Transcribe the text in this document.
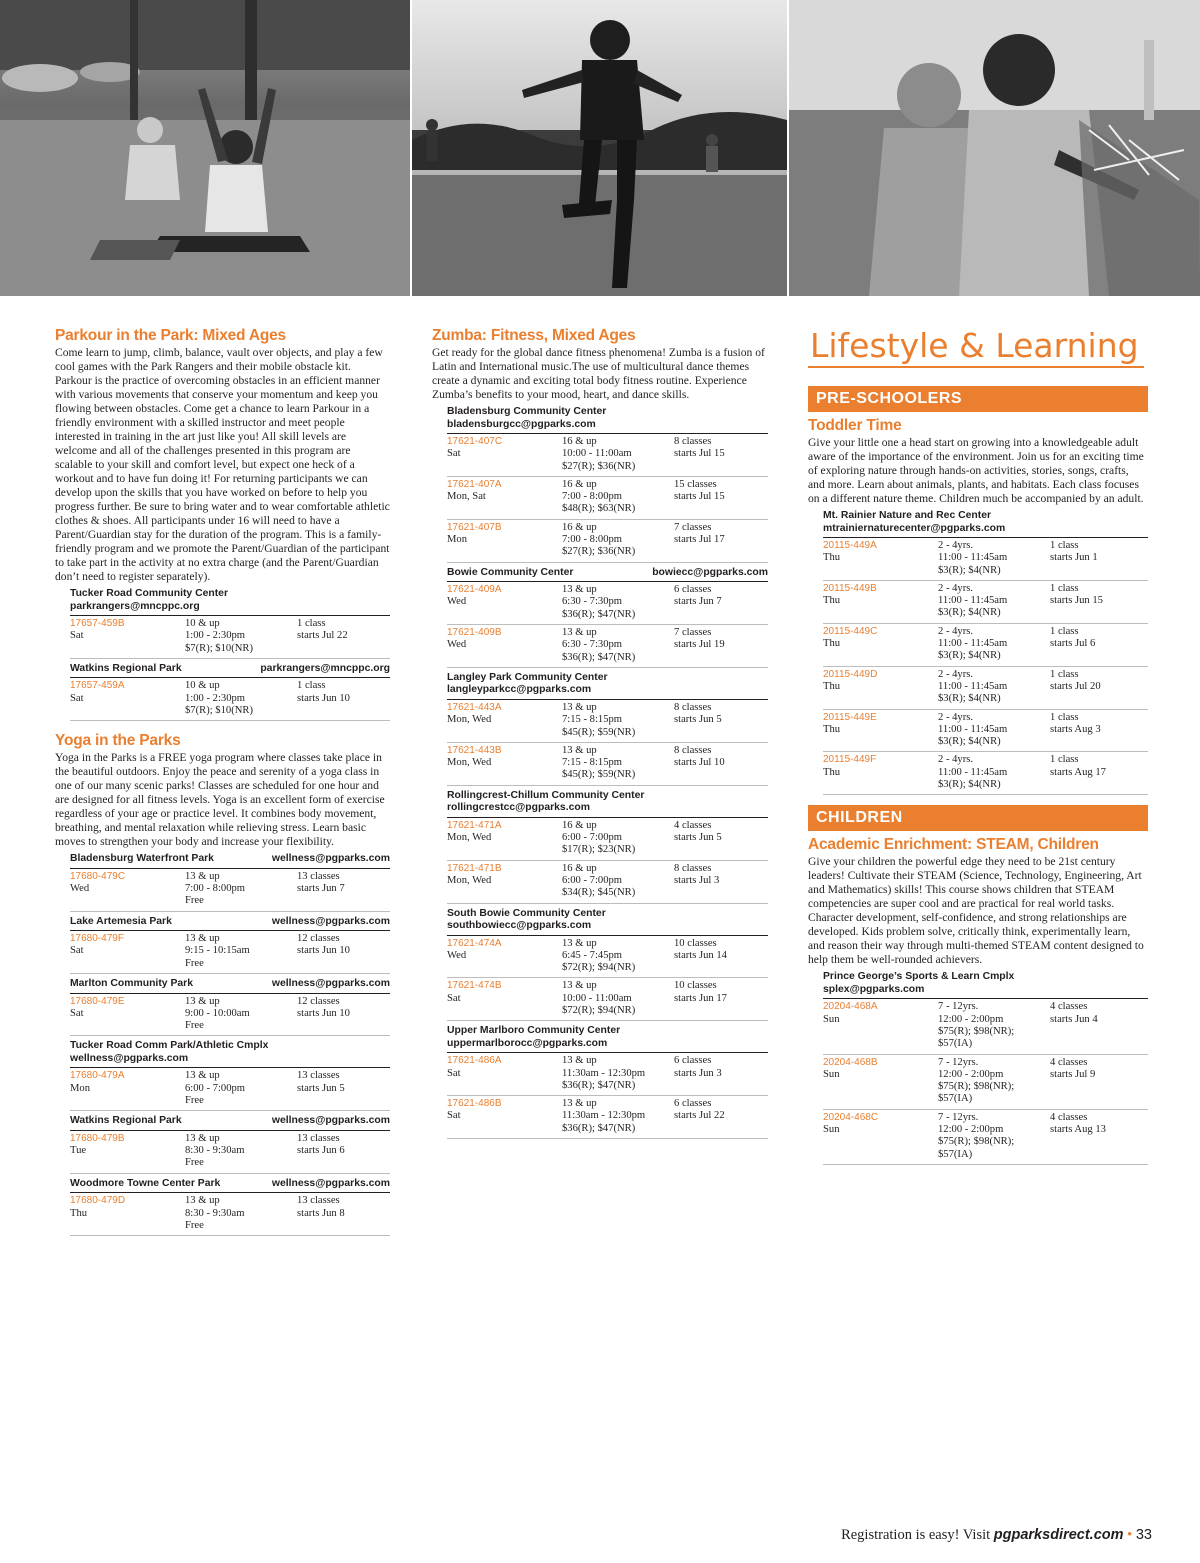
Parkour in the Park: Mixed Ages
Come learn to jump, climb, balance, vault over objects, and play a few cool games with the Park Rangers and their mobile obstacle kit. Parkour is the practice of overcoming obstacles in an efficient manner with various movements that conserve your momentum and keep you flowing between obstacles. Come get a chance to learn Parkour in a friendly environment with a skilled instructor and meet people interested in training in the art just like you! All skill levels are welcome and all of the challenges presented in this program are scalable to your skill and comfort level, but expect one heck of a workout and to have fun doing it! For returning participants we can develop upon the skills that you have worked on before to help you progress further. Be sure to bring water and to wear comfortable athletic clothes & shoes. All participants under 16 will need to have a Parent/Guardian stay for the duration of the program. This is a family-friendly program and we promote the Parent/Guardian of the participant to take part in the activity at no extra charge (and the Parent/Guardian don’t need to register separately).
Tucker Road Community Center
parkrangers@mncppc.org
17657-459B	10 & up	1 class
Sat	1:00 - 2:30pm	starts Jul 22
$7(R); $10(NR)
Watkins Regional Park	parkrangers@mncppc.org
17657-459A	10 & up	1 class
Sat	1:00 - 2:30pm	starts Jun 10
$7(R); $10(NR)
Yoga in the Parks
Yoga in the Parks is a FREE yoga program where classes take place in the beautiful outdoors. Enjoy the peace and serenity of a yoga class in one of our many scenic parks! Classes are scheduled for one hour and are designed for all fitness levels. Yoga is an excellent form of exercise regardless of your age or practice level. It combines body movement, breathing, and mental relaxation while relieving stress. Learn basic moves to strengthen your body and increase your flexibility.
Bladensburg Waterfront Park	wellness@pgparks.com
17680-479C	13 & up	13 classes
Wed	7:00 - 8:00pm	starts Jun 7
Free
Lake Artemesia Park	wellness@pgparks.com
17680-479F	13 & up	12 classes
Sat	9:15 - 10:15am	starts Jun 10
Free
Marlton Community Park	wellness@pgparks.com
17680-479E	13 & up	12 classes
Sat	9:00 - 10:00am	starts Jun 10
Free
Tucker Road Comm Park/Athletic Cmplx
wellness@pgparks.com
17680-479A	13 & up	13 classes
Mon	6:00 - 7:00pm	starts Jun 5
Free
Watkins Regional Park	wellness@pgparks.com
17680-479B	13 & up	13 classes
Tue	8:30 - 9:30am	starts Jun 6
Free
Woodmore Towne Center Park	wellness@pgparks.com
17680-479D	13 & up	13 classes
Thu	8:30 - 9:30am	starts Jun 8
Free
Zumba: Fitness, Mixed Ages
Get ready for the global dance fitness phenomena! Zumba is a fusion of Latin and International music.The use of multicultural dance themes create a dynamic and exciting total body fitness routine. Experience Zumba’s benefits to your mood, heart, and dance skills.
Bladensburg Community Center
bladensburgcc@pgparks.com
17621-407C	16 & up	8 classes
Sat	10:00 - 11:00am	starts Jul 15
$27(R); $36(NR)
17621-407A	16 & up	15 classes
Mon, Sat	7:00 - 8:00pm	starts Jul 15
$48(R); $63(NR)
17621-407B	16 & up	7 classes
Mon	7:00 - 8:00pm	starts Jul 17
$27(R); $36(NR)
Bowie Community Center	bowiecc@pgparks.com
17621-409A	13 & up	6 classes
Wed	6:30 - 7:30pm	starts Jun 7
$36(R); $47(NR)
17621-409B	13 & up	7 classes
Wed	6:30 - 7:30pm	starts Jul 19
$36(R); $47(NR)
Langley Park Community Center
langleyparkcc@pgparks.com
17621-443A	13 & up	8 classes
Mon, Wed	7:15 - 8:15pm	starts Jun 5
$45(R); $59(NR)
17621-443B	13 & up	8 classes
Mon, Wed	7:15 - 8:15pm	starts Jul 10
$45(R); $59(NR)
Rollingcrest-Chillum Community Center
rollingcrestcc@pgparks.com
17621-471A	16 & up	4 classes
Mon, Wed	6:00 - 7:00pm	starts Jun 5
$17(R); $23(NR)
17621-471B	16 & up	8 classes
Mon, Wed	6:00 - 7:00pm	starts Jul 3
$34(R); $45(NR)
South Bowie Community Center
southbowiecc@pgparks.com
17621-474A	13 & up	10 classes
Wed	6:45 - 7:45pm	starts Jun 14
$72(R); $94(NR)
17621-474B	13 & up	10 classes
Sat	10:00 - 11:00am	starts Jun 17
$72(R); $94(NR)
Upper Marlboro Community Center
uppermarlborocc@pgparks.com
17621-486A	13 & up	6 classes
Sat	11:30am - 12:30pm	starts Jun 3
$36(R); $47(NR)
17621-486B	13 & up	6 classes
Sat	11:30am - 12:30pm	starts Jul 22
$36(R); $47(NR)
Lifestyle & Learning
PRE-SCHOOLERS
Toddler Time
Give your little one a head start on growing into a knowledgeable adult aware of the importance of the environment. Join us for an exciting time of exploring nature through hands-on activities, stories, songs, crafts, and more. Learn about animals, plants, and habitats. Each class focuses on a different nature theme. Children much be accompanied by an adult.
Mt. Rainier Nature and Rec Center
mtrainiernaturecenter@pgparks.com
20115-449A	2 - 4yrs.	1 class
Thu	11:00 - 11:45am	starts Jun 1
$3(R); $4(NR)
20115-449B	2 - 4yrs.	1 class
Thu	11:00 - 11:45am	starts Jun 15
$3(R); $4(NR)
20115-449C	2 - 4yrs.	1 class
Thu	11:00 - 11:45am	starts Jul 6
$3(R); $4(NR)
20115-449D	2 - 4yrs.	1 class
Thu	11:00 - 11:45am	starts Jul 20
$3(R); $4(NR)
20115-449E	2 - 4yrs.	1 class
Thu	11:00 - 11:45am	starts Aug 3
$3(R); $4(NR)
20115-449F	2 - 4yrs.	1 class
Thu	11:00 - 11:45am	starts Aug 17
$3(R); $4(NR)
CHILDREN
Academic Enrichment: STEAM, Children
Give your children the powerful edge they need to be 21st century leaders! Cultivate their STEAM (Science, Technology, Engineering, Art and Mathematics) skills! This course shows children that STEAM competencies are super cool and are practical for real world tasks. Character development, self-confidence, and strong relationships are developed. Kids problem solve, critically think, experimentally learn, and reason their way through multi-themed STEAM content designed to help them be well-rounded achievers.
Prince George’s Sports & Learn Cmplx
splex@pgparks.com
20204-468A	7 - 12yrs.	4 classes
Sun	12:00 - 2:00pm	starts Jun 4
$75(R); $98(NR); $57(IA)
20204-468B	7 - 12yrs.	4 classes
Sun	12:00 - 2:00pm	starts Jul 9
$75(R); $98(NR); $57(IA)
20204-468C	7 - 12yrs.	4 classes
Sun	12:00 - 2:00pm	starts Aug 13
$75(R); $98(NR); $57(IA)
Registration is easy! Visit pgparksdirect.com • 33
